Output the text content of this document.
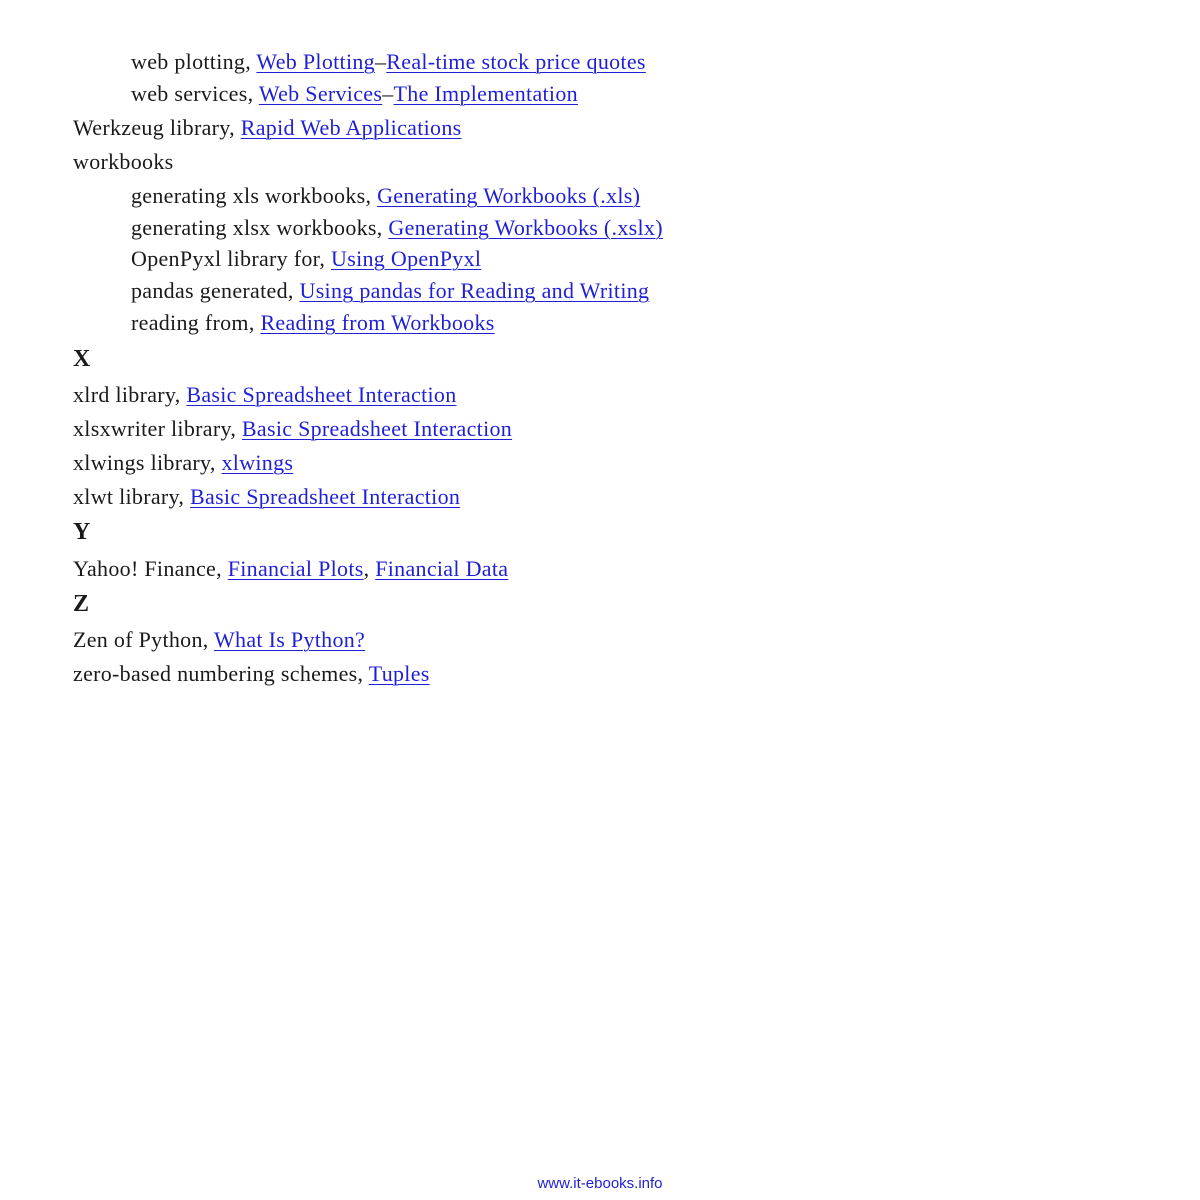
web plotting, Web Plotting–Real-time stock price quotes
web services, Web Services–The Implementation
Werkzeug library, Rapid Web Applications
workbooks
generating xls workbooks, Generating Workbooks (.xls)
generating xlsx workbooks, Generating Workbooks (.xslx)
OpenPyxl library for, Using OpenPyxl
pandas generated, Using pandas for Reading and Writing
reading from, Reading from Workbooks
X
xlrd library, Basic Spreadsheet Interaction
xlsxwriter library, Basic Spreadsheet Interaction
xlwings library, xlwings
xlwt library, Basic Spreadsheet Interaction
Y
Yahoo! Finance, Financial Plots, Financial Data
Z
Zen of Python, What Is Python?
zero-based numbering schemes, Tuples
www.it-ebooks.info
